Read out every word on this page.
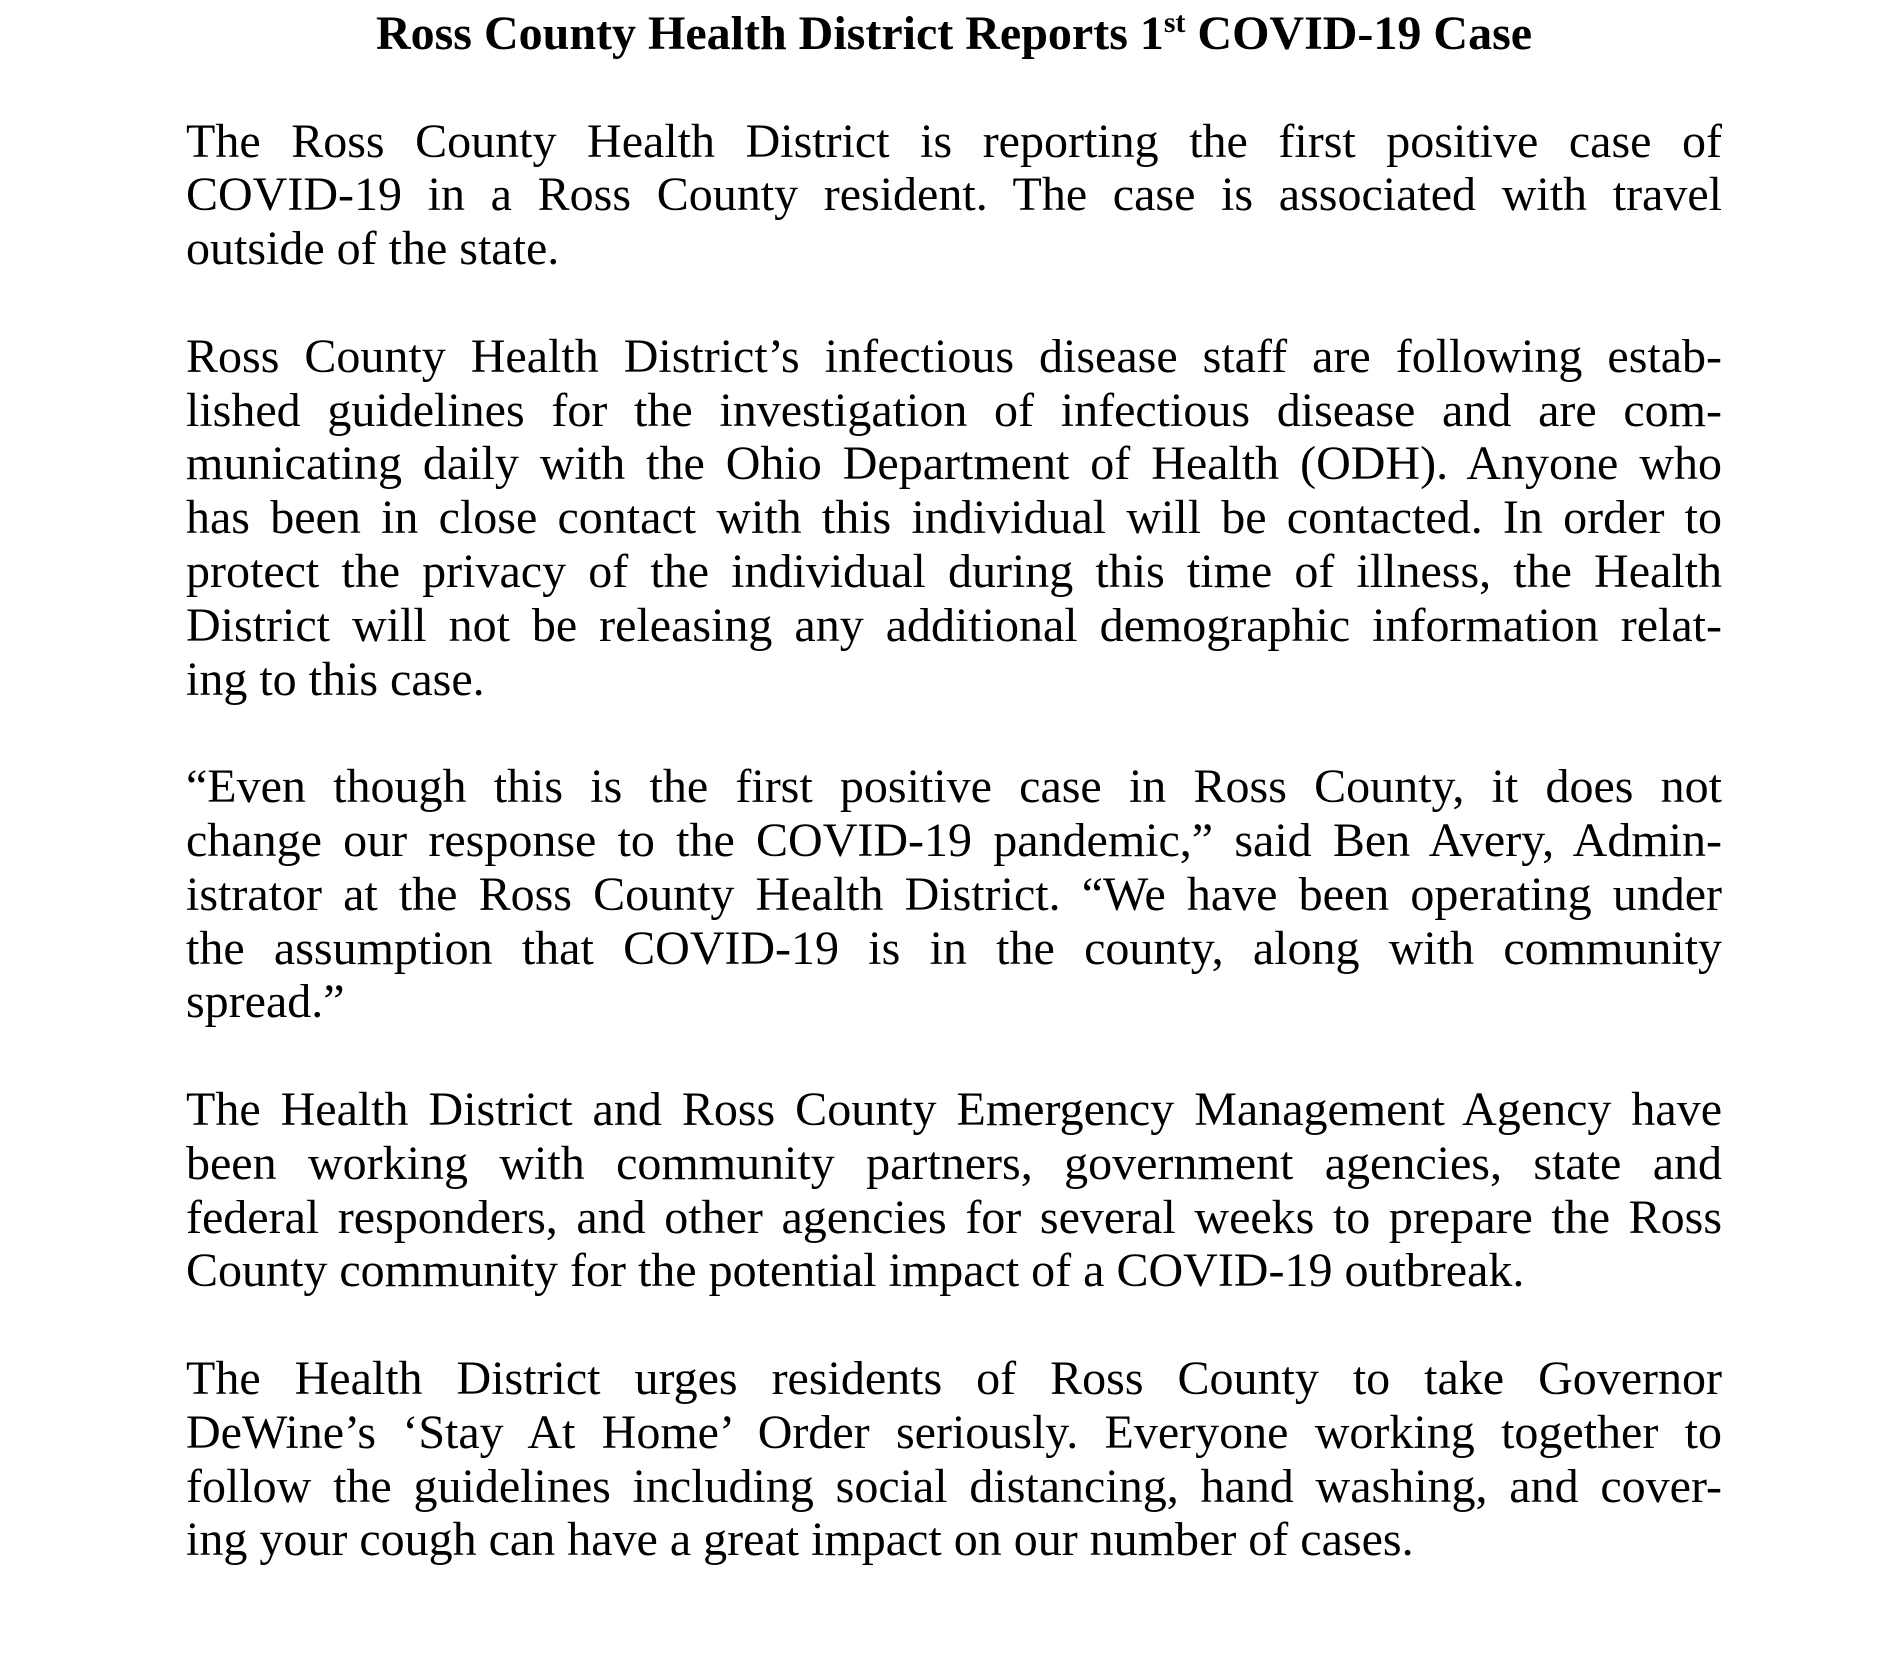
Ross County Health District Reports 1st COVID-19 Case
The Ross County Health District is reporting the first positive case of
COVID-19 in a Ross County resident. The case is associated with travel
outside of the state.
Ross County Health District’s infectious disease staff are following estab-
lished guidelines for the investigation of infectious disease and are com-
municating daily with the Ohio Department of Health (ODH). Anyone who
has been in close contact with this individual will be contacted. In order to
protect the privacy of the individual during this time of illness, the Health
District will not be releasing any additional demographic information relat-
ing to this case.
“Even though this is the first positive case in Ross County, it does not
change our response to the COVID-19 pandemic,” said Ben Avery, Admin-
istrator at the Ross County Health District. “We have been operating under
the assumption that COVID-19 is in the county, along with community
spread.”
The Health District and Ross County Emergency Management Agency have
been working with community partners, government agencies, state and
federal responders, and other agencies for several weeks to prepare the Ross
County community for the potential impact of a COVID-19 outbreak.
The Health District urges residents of Ross County to take Governor
DeWine’s ‘Stay At Home’ Order seriously. Everyone working together to
follow the guidelines including social distancing, hand washing, and cover-
ing your cough can have a great impact on our number of cases.
